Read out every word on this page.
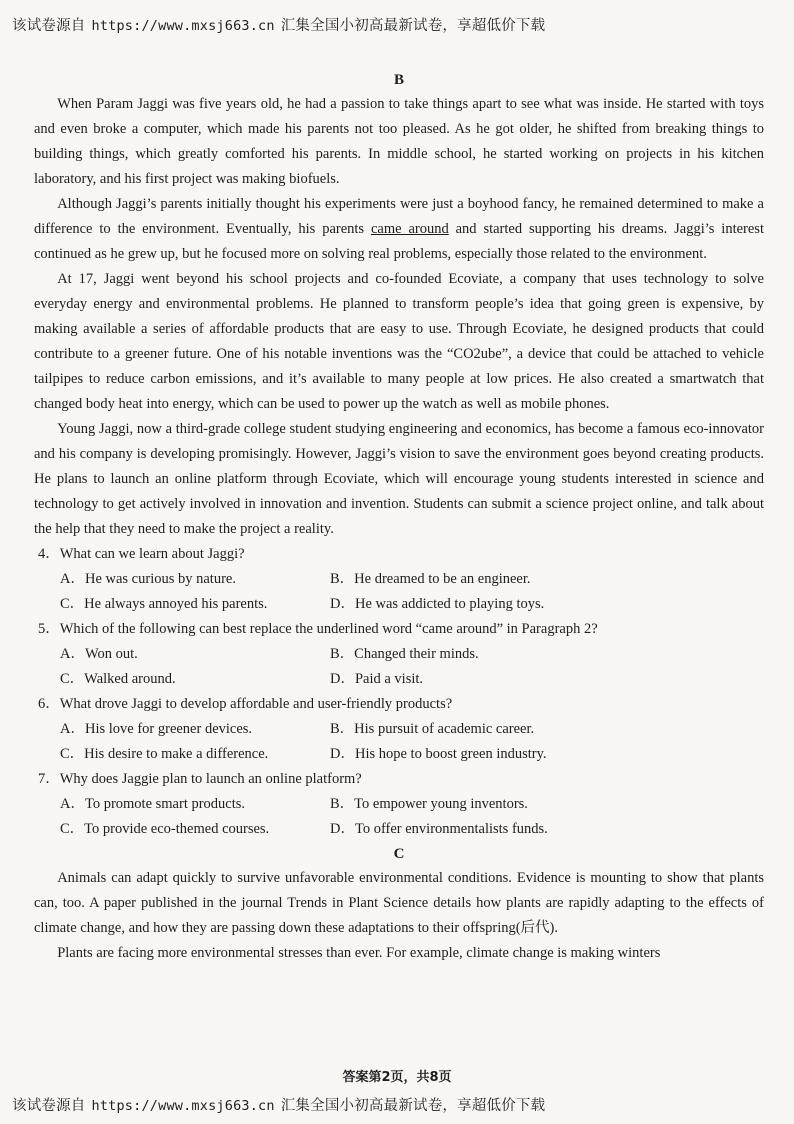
该试卷源自 https://www.mxsj663.cn 汇集全国小初高最新试卷，享超低价下载
B

When Param Jaggi was five years old, he had a passion to take things apart to see what was inside. He started with toys and even broke a computer, which made his parents not too pleased. As he got older, he shifted from breaking things to building things, which greatly comforted his parents. In middle school, he started working on projects in his kitchen laboratory, and his first project was making biofuels.

Although Jaggi’s parents initially thought his experiments were just a boyhood fancy, he remained determined to make a difference to the environment. Eventually, his parents came around and started supporting his dreams. Jaggi’s interest continued as he grew up, but he focused more on solving real problems, especially those related to the environment.

At 17, Jaggi went beyond his school projects and co-founded Ecoviate, a company that uses technology to solve everyday energy and environmental problems. He planned to transform people’s idea that going green is expensive, by making available a series of affordable products that are easy to use. Through Ecoviate, he designed products that could contribute to a greener future. One of his notable inventions was the “CO2ube”, a device that could be attached to vehicle tailpipes to reduce carbon emissions, and it’s available to many people at low prices. He also created a smartwatch that changed body heat into energy, which can be used to power up the watch as well as mobile phones.

Young Jaggi, now a third-grade college student studying engineering and economics, has become a famous eco-innovator and his company is developing promisingly. However, Jaggi’s vision to save the environment goes beyond creating products. He plans to launch an online platform through Ecoviate, which will encourage young students interested in science and technology to get actively involved in innovation and invention. Students can submit a science project online, and talk about the help that they need to make the project a reality.

4．What can we learn about Jaggi?
A．He was curious by nature.	B．He dreamed to be an engineer.
C．He always annoyed his parents.	D．He was addicted to playing toys.
5．Which of the following can best replace the underlined word “came around” in Paragraph 2?
A．Won out.	B．Changed their minds.
C．Walked around.	D．Paid a visit.
6．What drove Jaggi to develop affordable and user-friendly products?
A．His love for greener devices.	B．His pursuit of academic career.
C．His desire to make a difference.	D．His hope to boost green industry.
7．Why does Jaggie plan to launch an online platform?
A．To promote smart products.	B．To empower young inventors.
C．To provide eco-themed courses.	D．To offer environmentalists funds.
C

Animals can adapt quickly to survive unfavorable environmental conditions. Evidence is mounting to show that plants can, too. A paper published in the journal Trends in Plant Science details how plants are rapidly adapting to the effects of climate change, and how they are passing down these adaptations to their offspring(后代).

Plants are facing more environmental stresses than ever. For example, climate change is making winters

答案第2页，共8页
该试卷源自 https://www.mxsj663.cn 汇集全国小初高最新试卷，享超低价下载
